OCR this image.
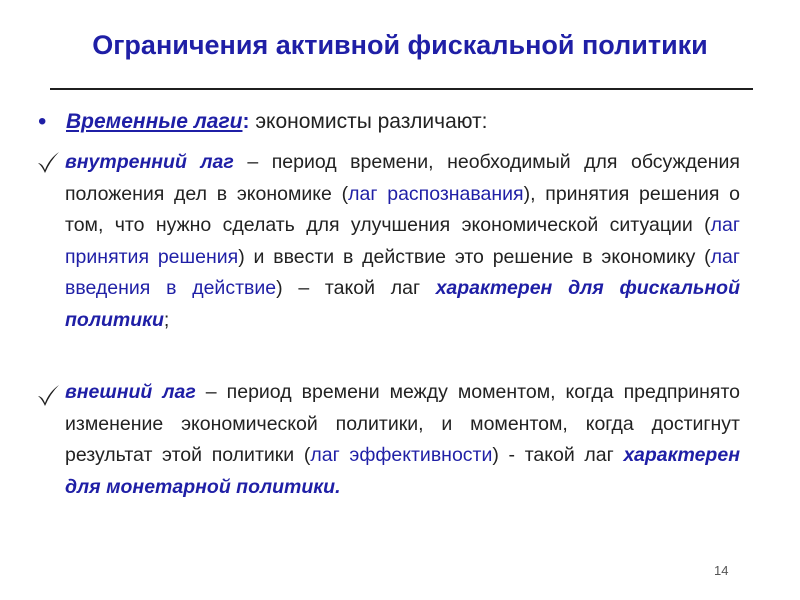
Ограничения активной фискальной политики
• Временные лаги: экономисты различают:
внутренний лаг – период времени, необходимый для обсуждения положения дел в экономике (лаг распознавания), принятия решения о том, что нужно сделать для улучшения экономической ситуации (лаг принятия решения) и ввести в действие это решение в экономику (лаг введения в действие) – такой лаг характерен для фискальной политики;
внешний лаг – период времени между моментом, когда предпринято изменение экономической политики, и моментом, когда достигнут результат этой политики (лаг эффективности) - такой лаг характерен для монетарной политики.
14
